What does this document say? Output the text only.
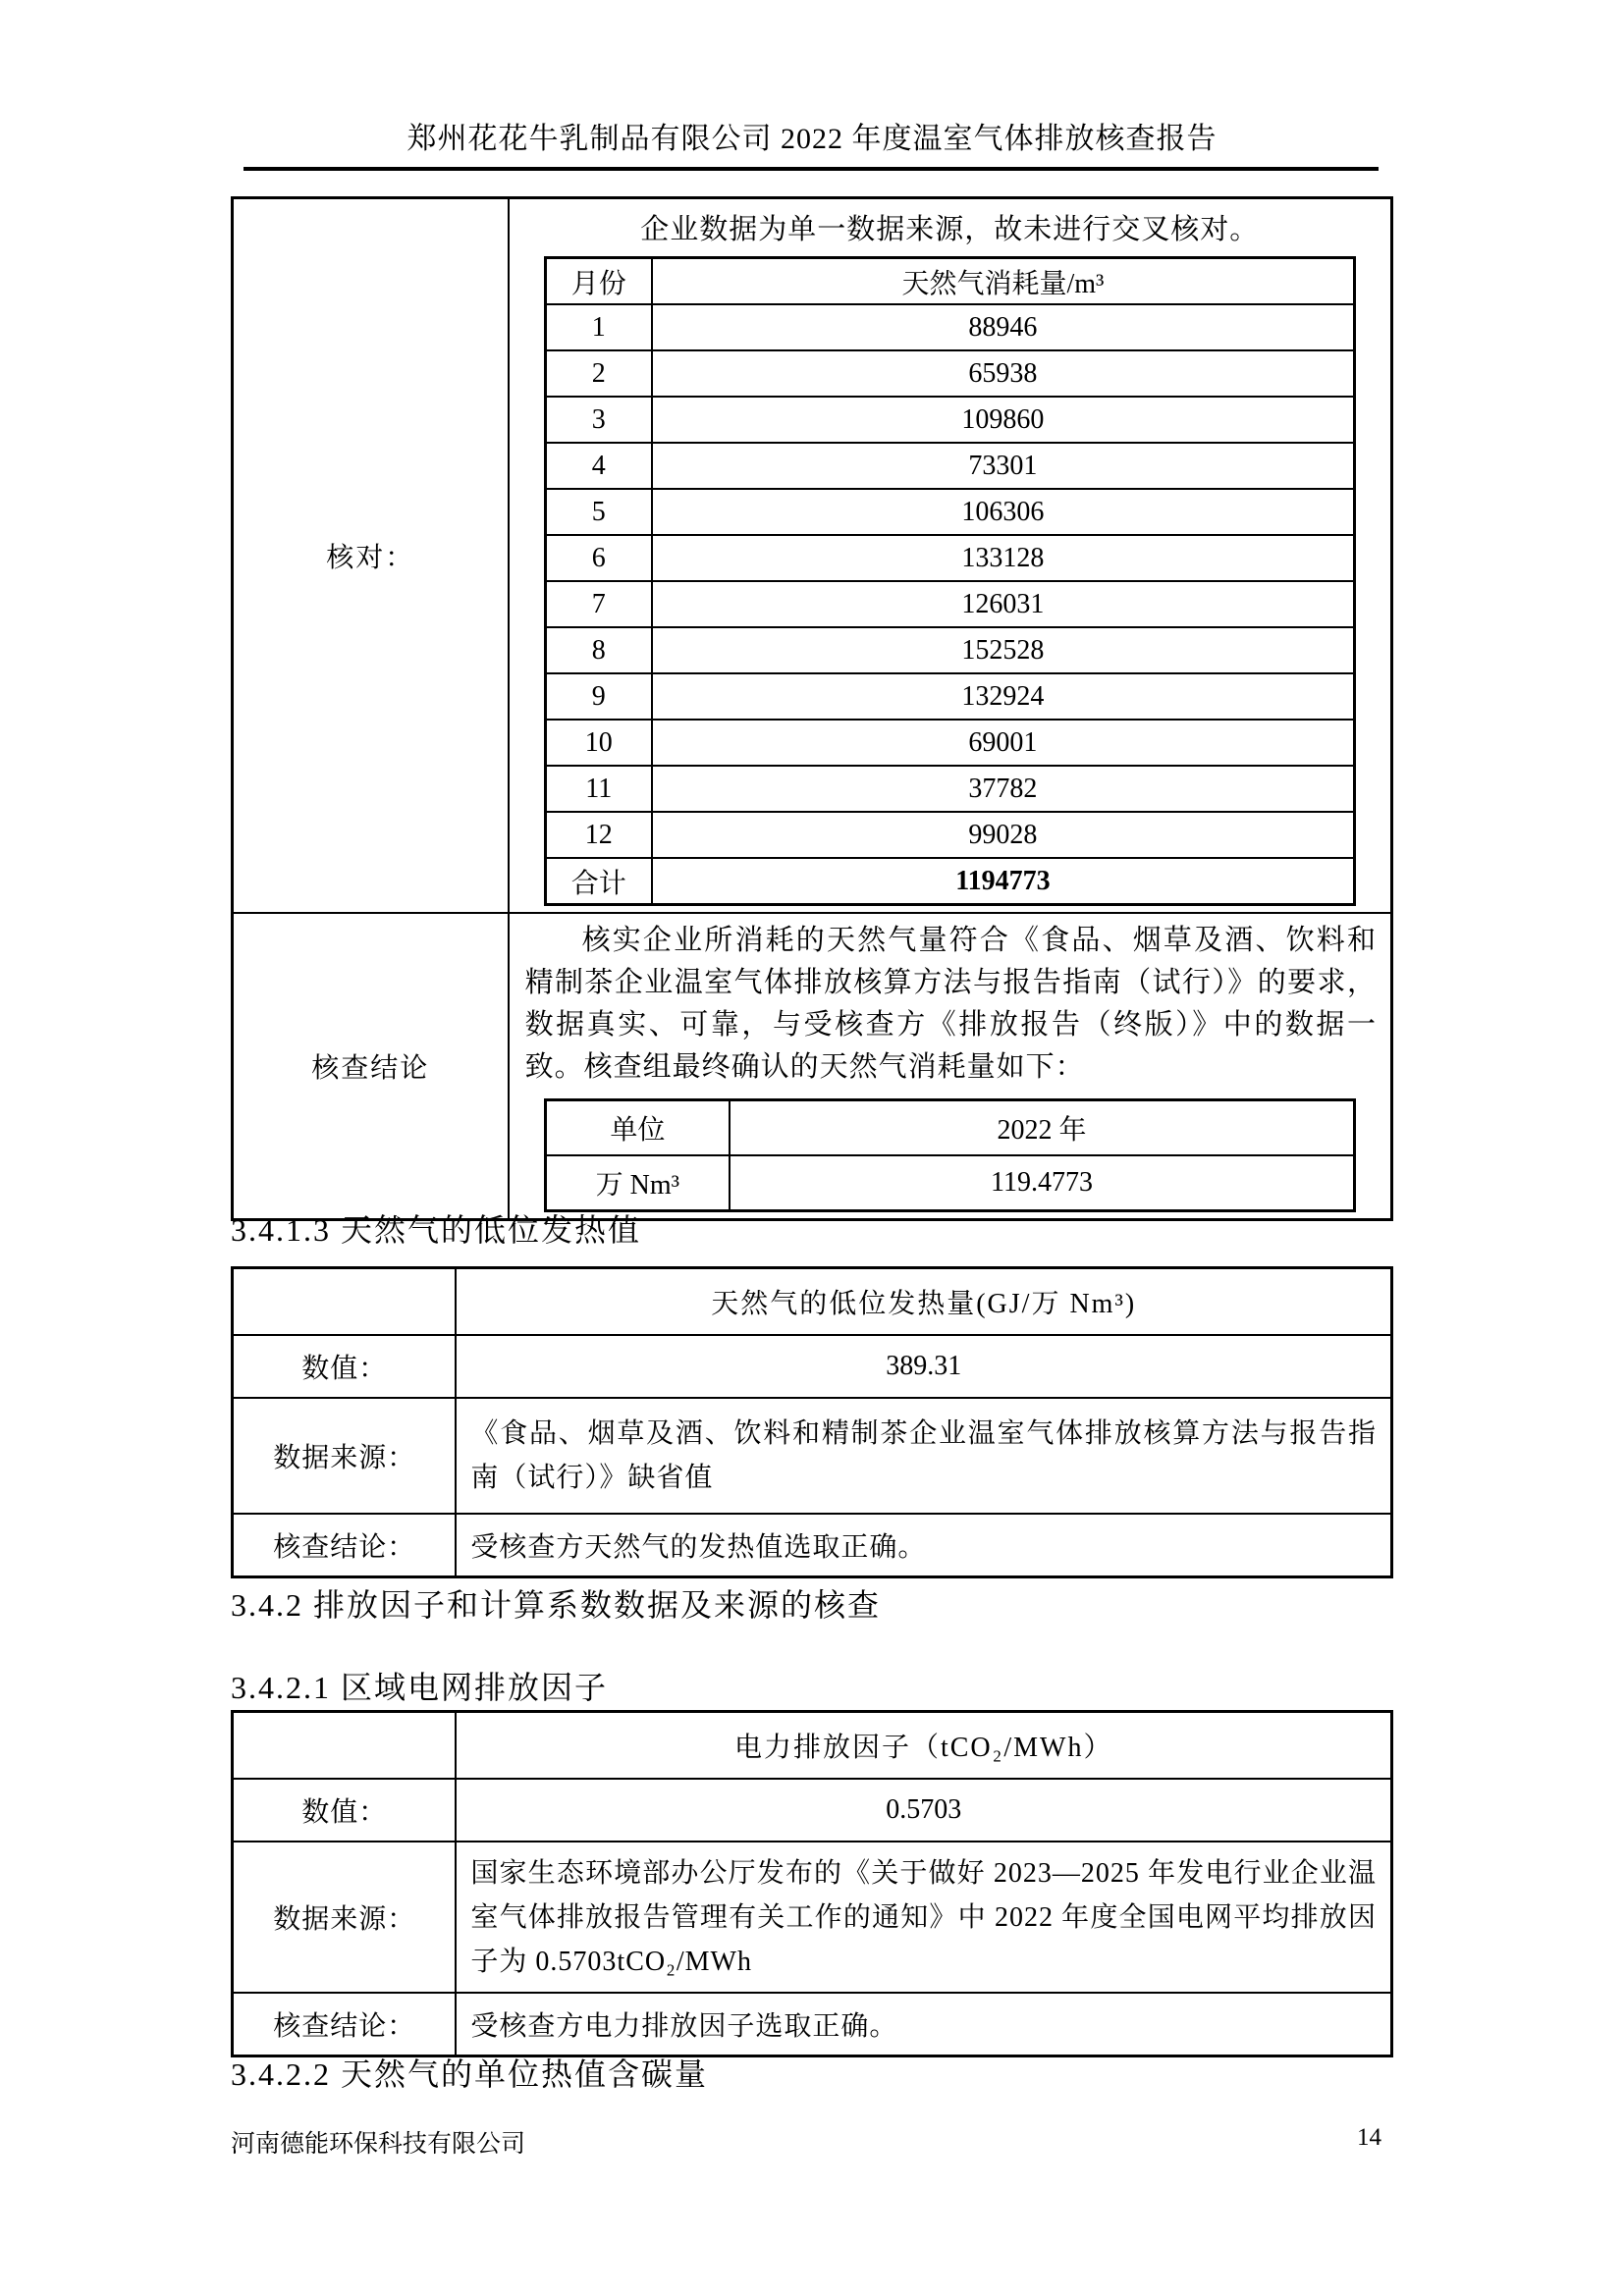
郑州花花牛乳制品有限公司 2022 年度温室气体排放核查报告
核对：	
企业数据为单一数据来源，故未进行交叉核对。
月份	天然气消耗量/m³
1	88946
2	65938
3	109860
4	73301
5	106306
6	133128
7	126031
8	152528
9	132924
10	69001
11	37782
12	99028
合计	1194773

核查结论	

核实企业所消耗的天然气量符合《食品、烟草及酒、饮料和精制茶企业温室气体排放核算方法与报告指南（试行）》的要求，数据真实、可靠，与受核查方《排放报告（终版）》中的数据一致。核查组最终确认的天然气消耗量如下：

单位	2022 年
万 Nm³	119.4773
3.4.1.3 天然气的低位发热值
	天然气的低位发热量(GJ/万 Nm³)
数值：	389.31
数据来源：	《食品、烟草及酒、饮料和精制茶企业温室气体排放核算方法与报告指南（试行）》缺省值
核查结论：	受核查方天然气的发热值选取正确。
3.4.2 排放因子和计算系数数据及来源的核查
3.4.2.1 区域电网排放因子
	电力排放因子（tCO₂/MWh）
数值：	0.5703
数据来源：	国家生态环境部办公厅发布的《关于做好 2023—2025 年发电行业企业温室气体排放报告管理有关工作的通知》中 2022 年度全国电网平均排放因子为 0.5703tCO₂/MWh
核查结论：	受核查方电力排放因子选取正确。
3.4.2.2 天然气的单位热值含碳量
河南德能环保科技有限公司	14
